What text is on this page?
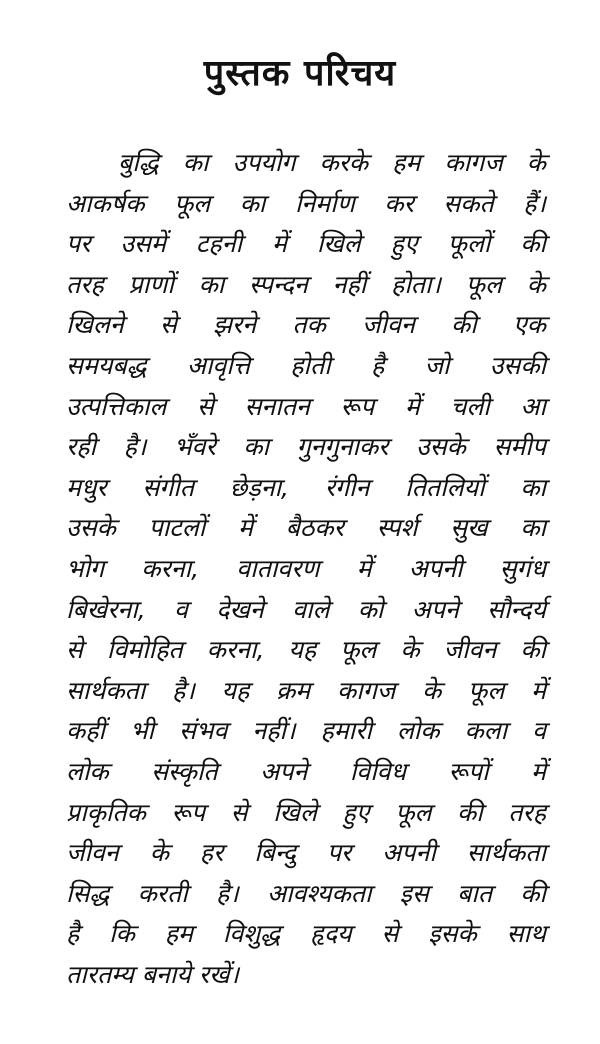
पुस्तक परिचय
बुद्धि का उपयोग करके हम कागज के
आकर्षक फूल का निर्माण कर सकते हैं।
पर उसमें टहनी में खिले हुए फूलों की
तरह प्राणों का स्पन्दन नहीं होता। फूल के
खिलने से झरने तक जीवन की एक
समयबद्ध आवृत्ति होती है जो उसकी
उत्पत्तिकाल से सनातन रूप में चली आ
रही है। भँवरे का गुनगुनाकर उसके समीप
मधुर संगीत छेड़ना, रंगीन तितलियों का
उसके पाटलों में बैठकर स्पर्श सुख का
भोग करना, वातावरण में अपनी सुगंध
बिखेरना, व देखने वाले को अपने सौन्दर्य
से विमोहित करना, यह फूल के जीवन की
सार्थकता है। यह क्रम कागज के फूल में
कहीं भी संभव नहीं। हमारी लोक कला व
लोक संस्कृति अपने विविध रूपों में
प्राकृतिक रूप से खिले हुए फूल की तरह
जीवन के हर बिन्दु पर अपनी सार्थकता
सिद्ध करती है। आवश्यकता इस बात की
है कि हम विशुद्ध हृदय से इसके साथ
तारतम्य बनाये रखें।
